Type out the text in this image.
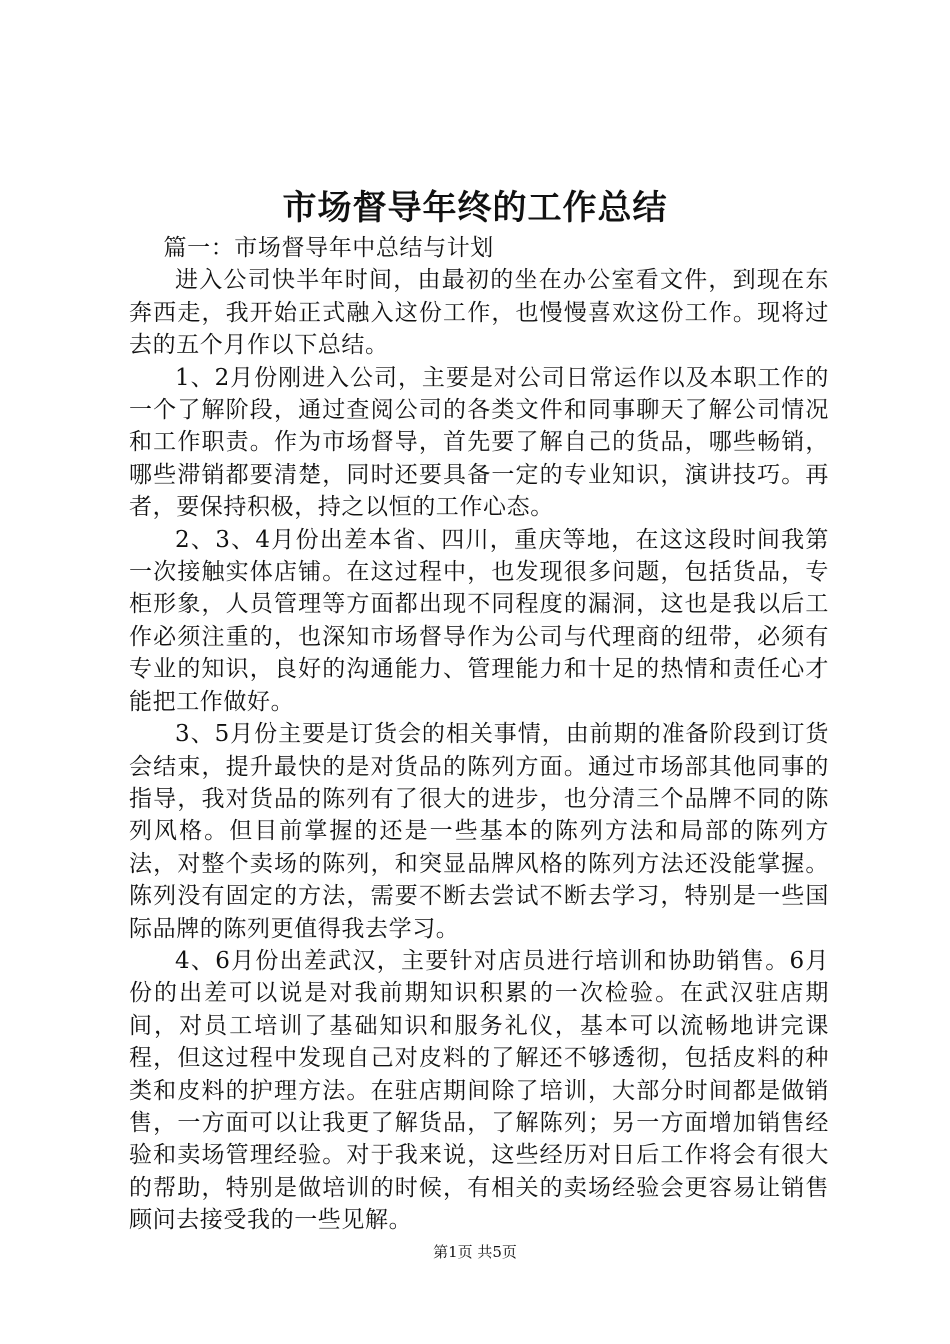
市场督导年终的工作总结

篇一：市场督导年中总结与计划

进入公司快半年时间，由最初的坐在办公室看文件，到现在东奔西走，我开始正式融入这份工作，也慢慢喜欢这份工作。现将过去的五个月作以下总结。

1、2月份刚进入公司，主要是对公司日常运作以及本职工作的一个了解阶段，通过查阅公司的各类文件和同事聊天了解公司情况和工作职责。作为市场督导，首先要了解自己的货品，哪些畅销，哪些滞销都要清楚，同时还要具备一定的专业知识，演讲技巧。再者，要保持积极，持之以恒的工作心态。

2、3、4月份出差本省、四川，重庆等地，在这这段时间我第一次接触实体店铺。在这过程中，也发现很多问题，包括货品，专柜形象，人员管理等方面都出现不同程度的漏洞，这也是我以后工作必须注重的，也深知市场督导作为公司与代理商的纽带，必须有专业的知识，良好的沟通能力、管理能力和十足的热情和责任心才能把工作做好。

3、5月份主要是订货会的相关事情，由前期的准备阶段到订货会结束，提升最快的是对货品的陈列方面。通过市场部其他同事的指导，我对货品的陈列有了很大的进步，也分清三个品牌不同的陈列风格。但目前掌握的还是一些基本的陈列方法和局部的陈列方法，对整个卖场的陈列，和突显品牌风格的陈列方法还没能掌握。陈列没有固定的方法，需要不断去尝试不断去学习，特别是一些国际品牌的陈列更值得我去学习。

4、6月份出差武汉，主要针对店员进行培训和协助销售。6月份的出差可以说是对我前期知识积累的一次检验。在武汉驻店期间，对员工培训了基础知识和服务礼仪，基本可以流畅地讲完课程，但这过程中发现自己对皮料的了解还不够透彻，包括皮料的种类和皮料的护理方法。在驻店期间除了培训，大部分时间都是做销售，一方面可以让我更了解货品，了解陈列；另一方面增加销售经验和卖场管理经验。对于我来说，这些经历对日后工作将会有很大的帮助，特别是做培训的时候，有相关的卖场经验会更容易让销售顾问去接受我的一些见解。

第1页 共5页
